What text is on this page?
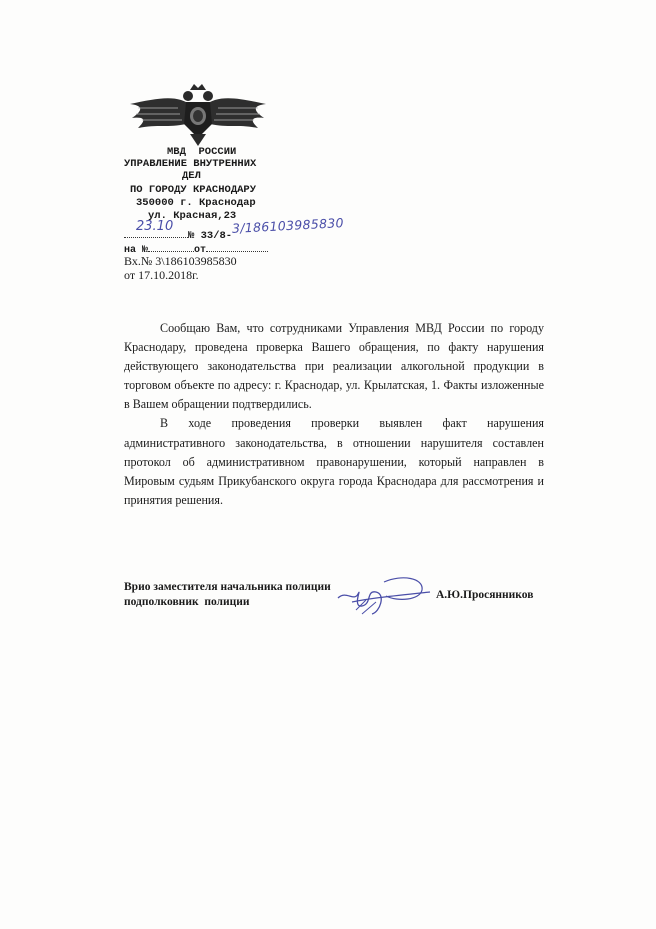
МВД  РОССИИ
УПРАВЛЕНИЕ ВНУТРЕННИХ
ДЕЛ
ПО ГОРОДУ КРАСНОДАРУ
350000 г. Краснодар
ул. Красная,23
№ 33/8-
23.10	3/186103985830
на №	от
Вх.№ 3\186103985830
от 17.10.2018г.

Сообщаю Вам, что сотрудниками Управления МВД России по городу Краснодару, проведена проверка Вашего обращения, по факту нарушения действующего законодательства при реализации алкогольной продукции в торговом объекте по адресу: г. Краснодар, ул. Крылатская, 1. Факты изложенные в Вашем обращении подтвердились.

В ходе проведения проверки выявлен факт нарушения административного законодательства, в отношении нарушителя составлен протокол об административном правонарушении, который направлен в Мировым судьям Прикубанского округа города Краснодара для рассмотрения и принятия решения.

Врио заместителя начальника полиции
подполковник  полиции
А.Ю.Просянников
